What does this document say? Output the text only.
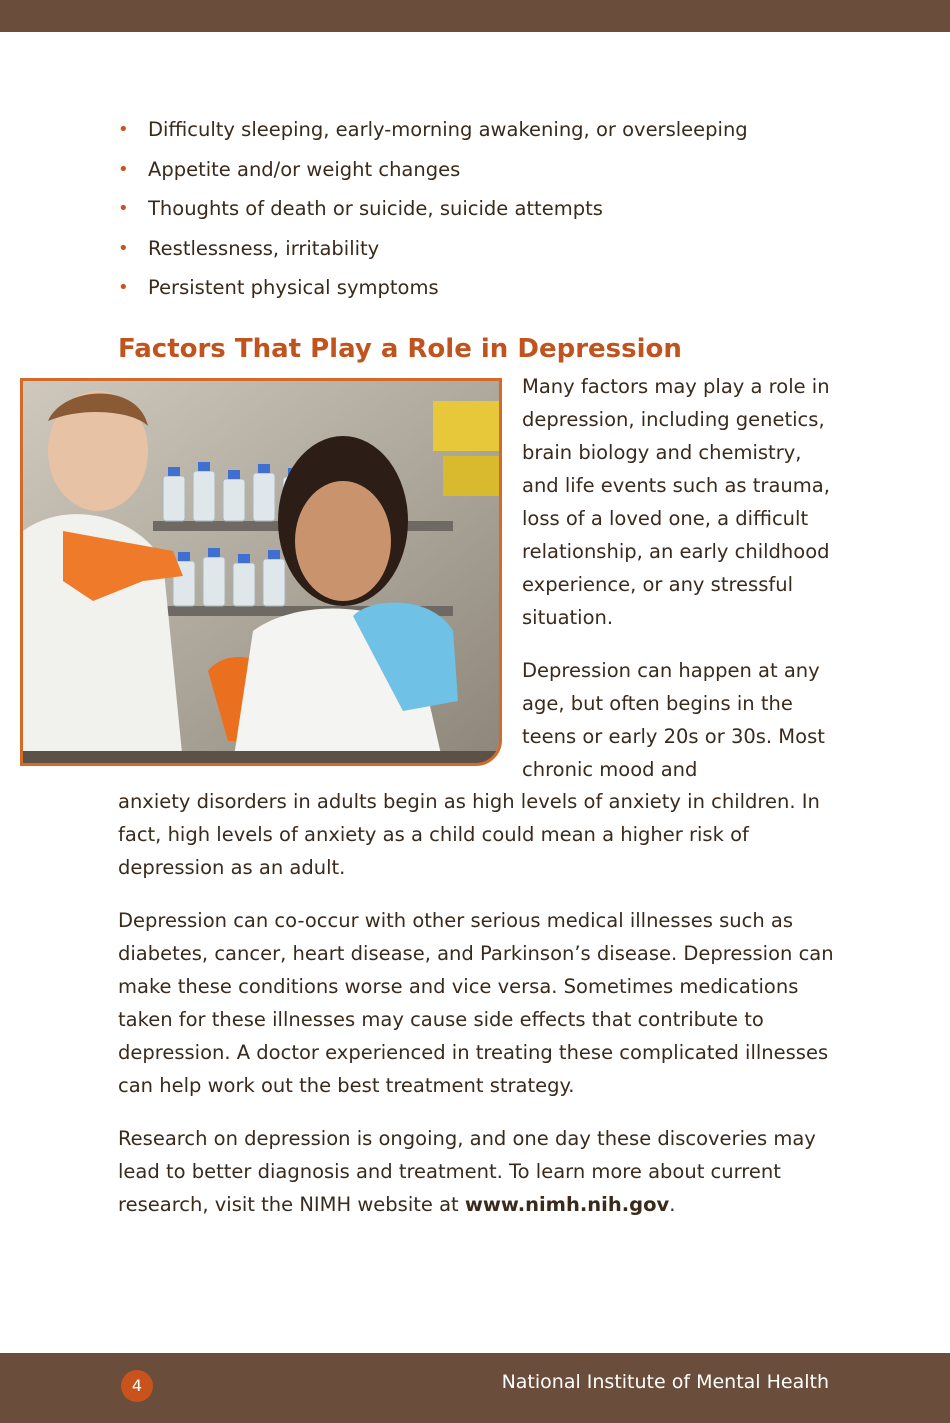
• Difficulty sleeping, early-morning awakening, or oversleeping
• Appetite and/or weight changes
• Thoughts of death or suicide, suicide attempts
• Restlessness, irritability
• Persistent physical symptoms
Factors That Play a Role in Depression

Many factors may play a role in depression, including genetics, brain biology and chemistry, and life events such as trauma, loss of a loved one, a difficult relationship, an early childhood experience, or any stressful situation.

Depression can happen at any age, but often begins in the teens or early 20s or 30s. Most chronic mood and

anxiety disorders in adults begin as high levels of anxiety in children. In fact, high levels of anxiety as a child could mean a higher risk of depression as an adult.

Depression can co-occur with other serious medical illnesses such as diabetes, cancer, heart disease, and Parkinson’s disease. Depression can make these conditions worse and vice versa. Sometimes medications taken for these illnesses may cause side effects that contribute to depression. A doctor experienced in treating these complicated illnesses can help work out the best treatment strategy.

Research on depression is ongoing, and one day these discoveries may lead to better diagnosis and treatment. To learn more about current research, visit the NIMH website at www.nimh.nih.gov.

4	National Institute of Mental Health
